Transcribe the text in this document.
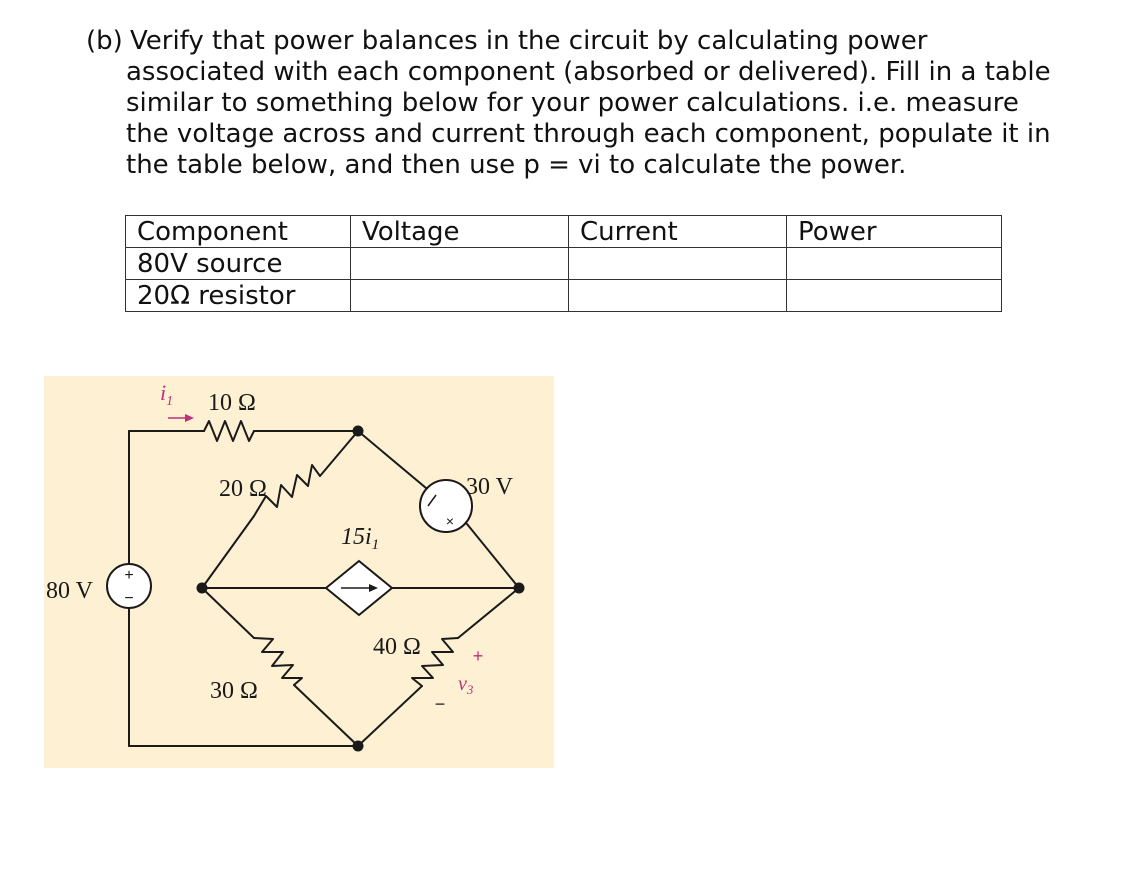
(b) Verify that power balances in the circuit by calculating power
associated with each component (absorbed or delivered). Fill in a table
similar to something below for your power calculations. i.e. measure
the voltage across and current through each component, populate it in
the table below, and then use p = vi to calculate the power.
Component	Voltage	Current	Power
80V source			
20Ω resistor			
+
−
80 V
×
30 V
$15i_1$
$i_1$ 10 Ω
20 Ω
30 Ω
40 Ω	+
$v_3$
−
